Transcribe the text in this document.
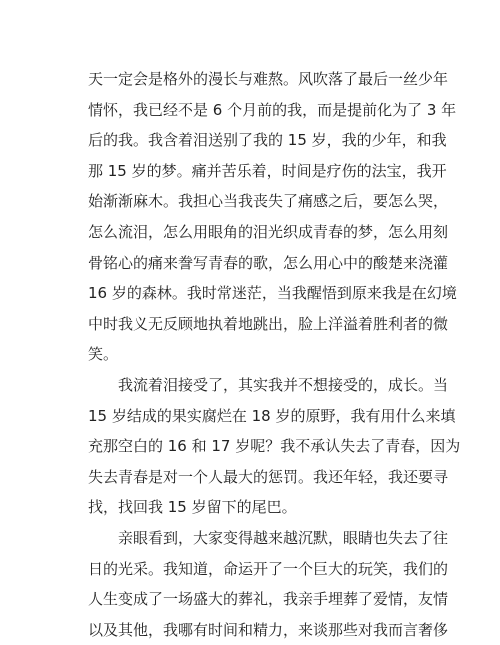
天一定会是格外的漫长与难熬。风吹落了最后一丝少年
情怀，我已经不是 6 个月前的我，而是提前化为了 3 年
后的我。我含着泪送别了我的 15 岁，我的少年，和我
那 15 岁的梦。痛并苦乐着，时间是疗伤的法宝，我开
始渐渐麻木。我担心当我丧失了痛感之后，要怎么哭，
怎么流泪，怎么用眼角的泪光织成青春的梦，怎么用刻
骨铭心的痛来誊写青春的歌，怎么用心中的酸楚来浇灌
16 岁的森林。我时常迷茫，当我醒悟到原来我是在幻境
中时我义无反顾地执着地跳出，脸上洋溢着胜利者的微
笑。
我流着泪接受了，其实我并不想接受的，成长。当
15 岁结成的果实腐烂在 18 岁的原野，我有用什么来填
充那空白的 16 和 17 岁呢？我不承认失去了青春，因为
失去青春是对一个人最大的惩罚。我还年轻，我还要寻
找，找回我 15 岁留下的尾巴。
亲眼看到，大家变得越来越沉默，眼睛也失去了往
日的光采。我知道，命运开了一个巨大的玩笑，我们的
人生变成了一场盛大的葬礼，我亲手埋葬了爱情，友情
以及其他，我哪有时间和精力，来谈那些对我而言奢侈
